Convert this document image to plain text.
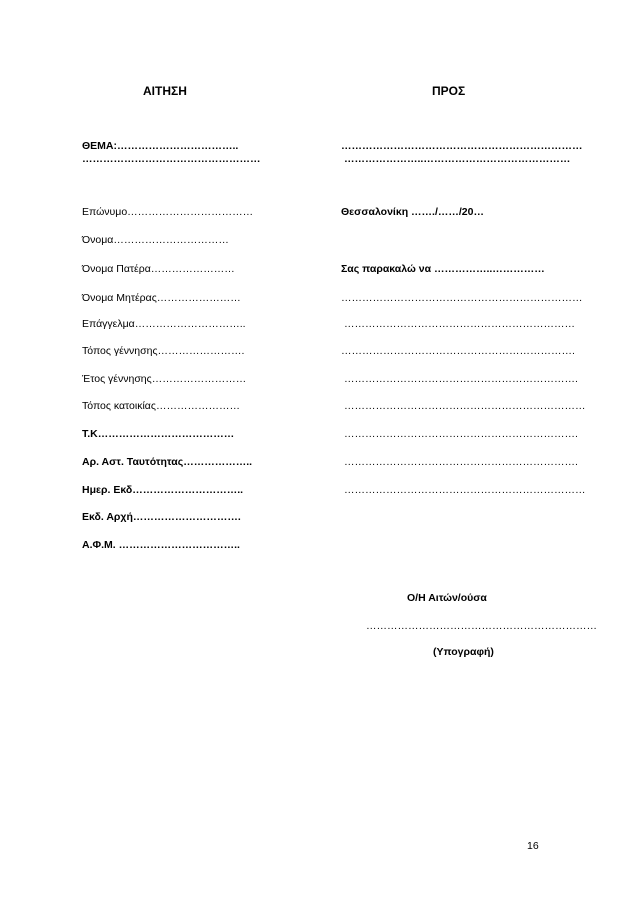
ΑΙΤΗΣΗ	ΠΡΟΣ
ΘΕΜΑ:……………………………..
……………………………………………
Επώνυμο………………………………
Όνομα……………………………
Όνομα Πατέρα……………………
Όνομα Μητέρας……………………
Επάγγελμα…………………………..
Τόπος γέννησης…………………….
Έτος γέννησης………………………
Τόπος κατοικίας……………………
Τ.Κ…………………………………
Αρ. Αστ. Ταυτότητας………………..
Ημερ. Εκδ…………………………..
Εκδ. Αρχή………………………….
Α.Φ.Μ. ……………………………..
……………………………………………………………
…………………..……………………………………
Θεσσαλονίκη ……./……/20…
Σας παρακαλώ να ……………..……………
……………………………………………………………
…………………………………………………………
………………………………………………………….
………………………………………………………….
……………………………………………………………
………………………………………………………….
………………………………………………………….
……………………………………………………………
Ο/Η Αιτών/ούσα
…………………………………………………………
(Υπογραφή)
16
